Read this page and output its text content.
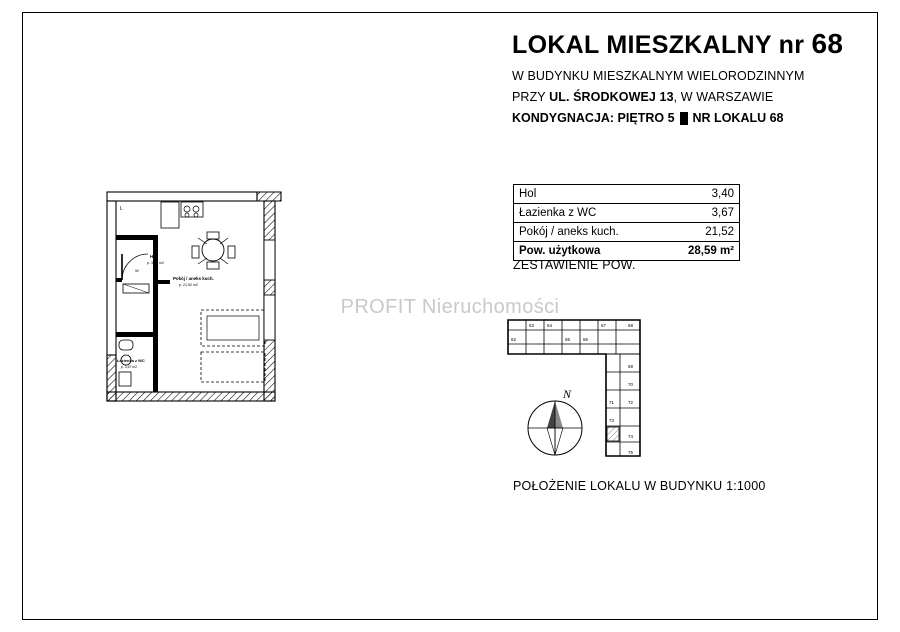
LOKAL MIESZKALNY nr 68
W BUDYNKU MIESZKALNYM WIELORODZINNYM
PRZY UL. ŚRODKOWEJ 13, W WARSZAWIE
KONDYGNACJA: PIĘTRO 5 NR LOKALU 68
Hol	3,40
Łazienka z WC	3,67
Pokój / aneks kuch.	21,52
Pow. użytkowa	28,59 m²
ZESTAWIENIE POW.
PROFIT Nieruchomości
Hol
p. 3,40 m2
Pokój / aneks kuch.
p. 21,52 m2
Łazienka z WC
p. 3,67 m2
L
W
62
63	64
65	66
67	68
69
70
71	72
73
74
75
N
POŁOŻENIE LOKALU W BUDYNKU 1:1000
